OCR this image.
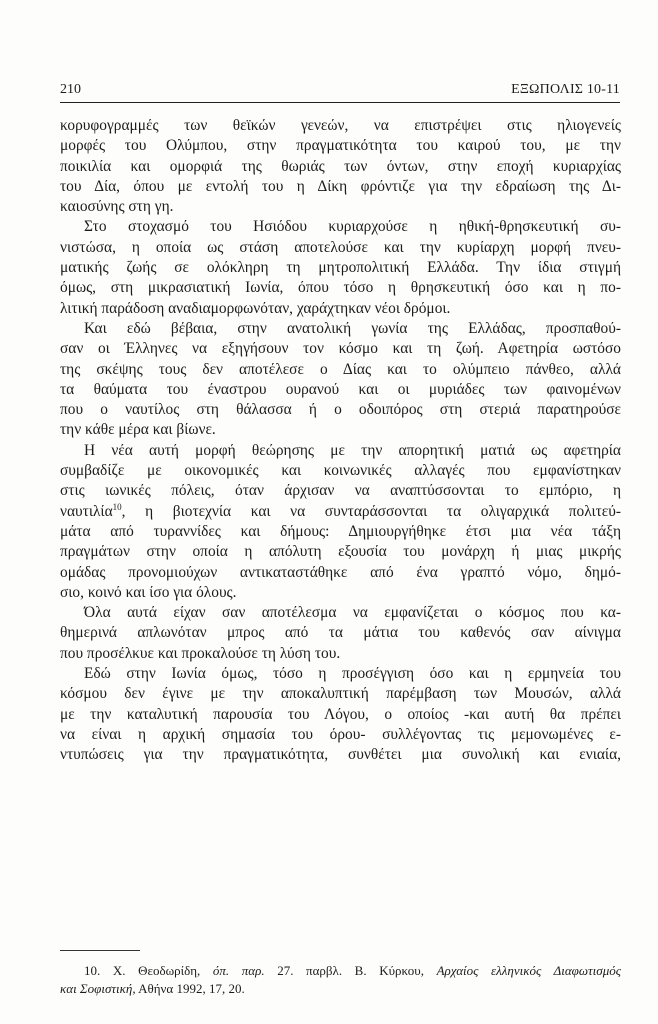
210	ΕΞΩΠΟΛΙΣ 10-11

κορυφογραμμές των θεϊκών γενεών, να επιστρέψει στις ηλιογενείς
μορφές του Ολύμπου, στην πραγματικότητα του καιρού του, με την
ποικιλία και ομορφιά της θωριάς των όντων, στην εποχή κυριαρχίας
του Δία, όπου με εντολή του η Δίκη φρόντιζε για την εδραίωση της Δι-
καιοσύνης στη γη.

Στο στοχασμό του Ησιόδου κυριαρχούσε η ηθική-θρησκευτική συ-
νιστώσα, η οποία ως στάση αποτελούσε και την κυρίαρχη μορφή πνευ-
ματικής ζωής σε ολόκληρη τη μητροπολιτική Ελλάδα. Την ίδια στιγμή
όμως, στη μικρασιατική Ιωνία, όπου τόσο η θρησκευτική όσο και η πο-
λιτική παράδοση αναδιαμορφωνόταν, χαράχτηκαν νέοι δρόμοι.

Και εδώ βέβαια, στην ανατολική γωνία της Ελλάδας, προσπαθού-
σαν οι Έλληνες να εξηγήσουν τον κόσμο και τη ζωή. Αφετηρία ωστόσο
της σκέψης τους δεν αποτέλεσε ο Δίας και το ολύμπειο πάνθεο, αλλά
τα θαύματα του έναστρου ουρανού και οι μυριάδες των φαινομένων
που ο ναυτίλος στη θάλασσα ή ο οδοιπόρος στη στεριά παρατηρούσε
την κάθε μέρα και βίωνε.

Η νέα αυτή μορφή θεώρησης με την απορητική ματιά ως αφετηρία
συμβαδίζε με οικονομικές και κοινωνικές αλλαγές που εμφανίστηκαν
στις ιωνικές πόλεις, όταν άρχισαν να αναπτύσσονται το εμπόριο, η
ναυτιλία$^{10}$, η βιοτεχνία και να συνταράσσονται τα ολιγαρχικά πολιτεύ-
μάτα από τυραννίδες και δήμους: Δημιουργήθηκε έτσι μια νέα τάξη
πραγμάτων στην οποία η απόλυτη εξουσία του μονάρχη ή μιας μικρής
ομάδας προνομιούχων αντικαταστάθηκε από ένα γραπτό νόμο, δημό-
σιο, κοινό και ίσο για όλους.

Όλα αυτά είχαν σαν αποτέλεσμα να εμφανίζεται ο κόσμος που κα-
θημερινά απλωνόταν μπρος από τα μάτια του καθενός σαν αίνιγμα
που προσέλκυε και προκαλούσε τη λύση του.

Εδώ στην Ιωνία όμως, τόσο η προσέγγιση όσο και η ερμηνεία του
κόσμου δεν έγινε με την αποκαλυπτική παρέμβαση των Μουσών, αλλά
με την καταλυτική παρουσία του Λόγου, ο οποίος -και αυτή θα πρέπει
να είναι η αρχική σημασία του όρου- συλλέγοντας τις μεμονωμένες ε-
ντυπώσεις για την πραγματικότητα, συνθέτει μια συνολική και ενιαία,

10. Χ. Θεοδωρίδη, όπ. παρ. 27. παρβλ. Β. Κύρκου, Αρχαίος ελληνικός Διαφωτισμός
και Σοφιστική, Αθήνα 1992, 17, 20.
